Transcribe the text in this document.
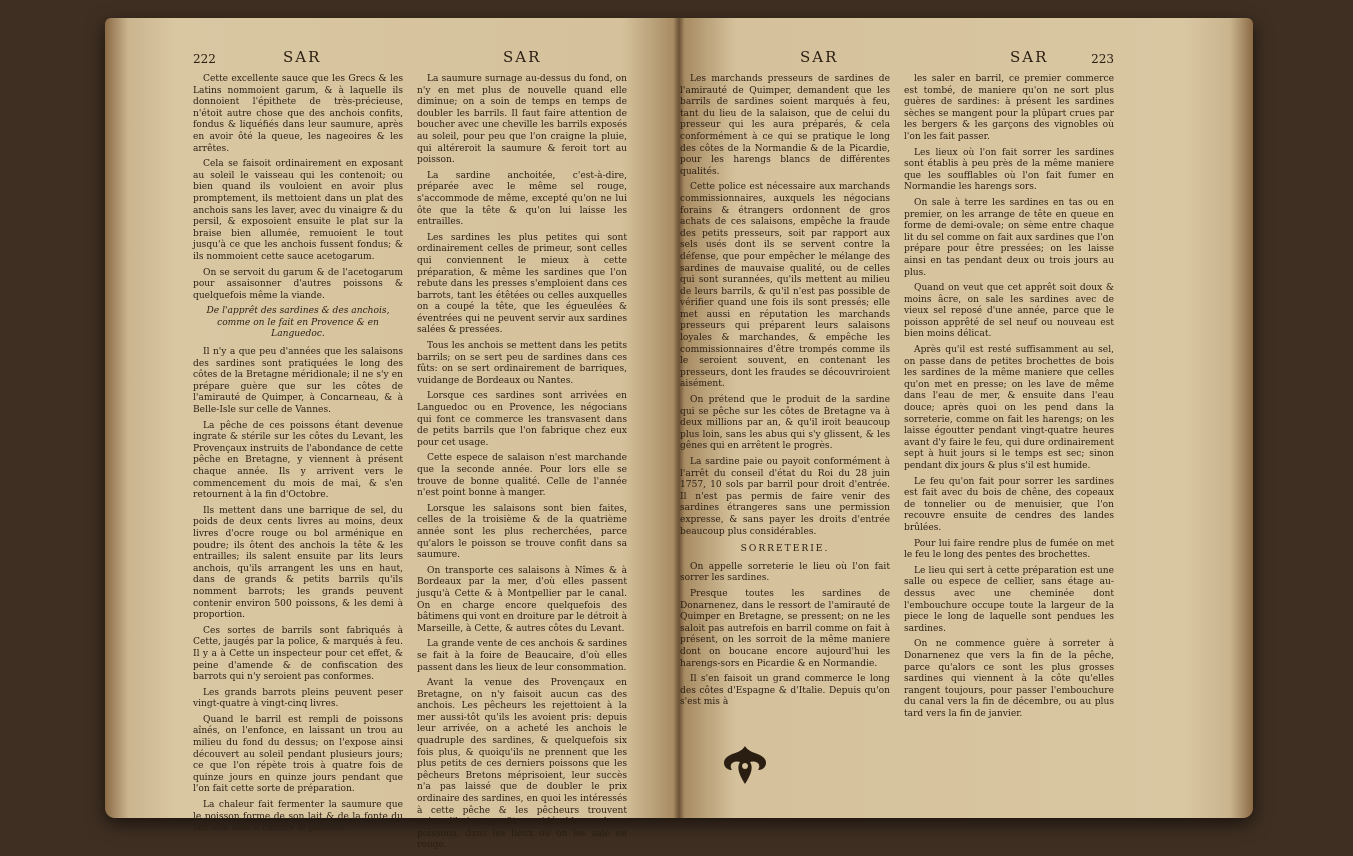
222	SAR	SAR

Cette excellente sauce que les Grecs & les Latins nommoient garum, & à laquelle ils donnoient l'épithete de très-précieuse, n'étoit autre chose que des anchois confits, fondus & liquéfiés dans leur saumure, après en avoir ôté la queue, les nageoires & les arrêtes.

Cela se faisoit ordinairement en exposant au soleil le vaisseau qui les contenoit; ou bien quand ils vouloient en avoir plus promptement, ils mettoient dans un plat des anchois sans les laver, avec du vinaigre & du persil, & exposoient ensuite le plat sur la braise bien allumée, remuoient le tout jusqu'à ce que les anchois fussent fondus; & ils nommoient cette sauce acetogarum.

On se servoit du garum & de l'acetogarum pour assaisonner d'autres poissons & quelquefois même la viande.

De l'apprêt des sardines & des anchois, comme on le fait en Provence & en Languedoc.

Il n'y a que peu d'années que les salaisons des sardines sont pratiquées le long des côtes de la Bretagne méridionale; il ne s'y en prépare guère que sur les côtes de l'amirauté de Quimper, à Concarneau, & à Belle-Isle sur celle de Vannes.

La pêche de ces poissons étant devenue ingrate & stérile sur les côtes du Levant, les Provençaux instruits de l'abondance de cette pêche en Bretagne, y viennent à présent chaque année. Ils y arrivent vers le commencement du mois de mai, & s'en retournent à la fin d'Octobre.

Ils mettent dans une barrique de sel, du poids de deux cents livres au moins, deux livres d'ocre rouge ou bol arménique en poudre; ils ôtent des anchois la tête & les entrailles; ils salent ensuite par lits leurs anchois, qu'ils arrangent les uns en haut, dans de grands & petits barrils qu'ils nomment barrots; les grands peuvent contenir environ 500 poissons, & les demi à proportion.

Ces sortes de barrils sont fabriqués à Cette, jaugés par la police, & marqués à feu. Il y a à Cette un inspecteur pour cet effet, & peine d'amende & de confiscation des barrots qui n'y seroient pas conformes.

Les grands barrots pleins peuvent peser vingt-quatre à vingt-cinq livres.

Quand le barril est rempli de poissons aînés, on l'enfonce, en laissant un trou au milieu du fond du dessus; on l'expose ainsi découvert au soleil pendant plusieurs jours; ce que l'on répète trois à quatre fois de quinze jours en quinze jours pendant que l'on fait cette sorte de préparation.

La chaleur fait fermenter la saumure que le poisson forme de son lait & de la fonte du sel; elle aide à confire le poisson.

La saumure surnage au-dessus du fond, on n'y en met plus de nouvelle quand elle diminue; on a soin de temps en temps de doubler les barrils. Il faut faire attention de boucher avec une cheville les barrils exposés au soleil, pour peu que l'on craigne la pluie, qui altéreroit la saumure & feroit tort au poisson.

La sardine anchoitée, c'est-à-dire, préparée avec le même sel rouge, s'accommode de même, excepté qu'on ne lui ôte que la tête & qu'on lui laisse les entrailles.

Les sardines les plus petites qui sont ordinairement celles de primeur, sont celles qui conviennent le mieux à cette préparation, & même les sardines que l'on rebute dans les presses s'emploient dans ces barrots, tant les étêtées ou celles auxquelles on a coupé la tête, que les égueulées & éventrées qui ne peuvent servir aux sardines salées & pressées.

Tous les anchois se mettent dans les petits barrils; on se sert peu de sardines dans ces fûts: on se sert ordinairement de barriques, vuidange de Bordeaux ou Nantes.

Lorsque ces sardines sont arrivées en Languedoc ou en Provence, les négocians qui font ce commerce les transvasent dans de petits barrils que l'on fabrique chez eux pour cet usage.

Cette espece de salaison n'est marchande que la seconde année. Pour lors elle se trouve de bonne qualité. Celle de l'année n'est point bonne à manger.

Lorsque les salaisons sont bien faites, celles de la troisième & de la quatrième année sont les plus recherchées, parce qu'alors le poisson se trouve confit dans sa saumure.

On transporte ces salaisons à Nîmes & à Bordeaux par la mer, d'où elles passent jusqu'à Cette & à Montpellier par le canal. On en charge encore quelquefois des bâtimens qui vont en droiture par le détroit à Marseille, à Cette, & autres côtes du Levant.

La grande vente de ces anchois & sardines se fait à la foire de Beaucaire, d'où elles passent dans les lieux de leur consommation.

Avant la venue des Provençaux en Bretagne, on n'y faisoit aucun cas des anchois. Les pêcheurs les rejettoient à la mer aussi-tôt qu'ils les avoient pris: depuis leur arrivée, on a acheté les anchois le quadruple des sardines, & quelquefois six fois plus, & quoiqu'ils ne prennent que les plus petits de ces derniers poissons que les pêcheurs Bretons méprisoient, leur succès n'a pas laissé que de doubler le prix ordinaire des sardines, en quoi les intéressés à cette pêche & les pêcheurs trouvent aujourd'hui un profit considérable sur leurs poissons, dans les lieux où on les sale en rouge.

SAR	SAR	223

Les marchands presseurs de sardines de l'amirauté de Quimper, demandent que les barrils de sardines soient marqués à feu, tant du lieu de la salaison, que de celui du presseur qui les aura préparés, & cela conformément à ce qui se pratique le long des côtes de la Normandie & de la Picardie, pour les harengs blancs de différentes qualités.

Cette police est nécessaire aux marchands commissionnaires, auxquels les négocians forains & étrangers ordonnent de gros achats de ces salaisons, empêche la fraude des petits presseurs, soit par rapport aux sels usés dont ils se servent contre la défense, que pour empêcher le mélange des sardines de mauvaise qualité, ou de celles qui sont surannées, qu'ils mettent au milieu de leurs barrils, & qu'il n'est pas possible de vérifier quand une fois ils sont pressés; elle met aussi en réputation les marchands presseurs qui préparent leurs salaisons loyales & marchandes, & empêche les commissionnaires d'être trompés comme ils le seroient souvent, en contenant les presseurs, dont les fraudes se découvriroient aisément.

On prétend que le produit de la sardine qui se pêche sur les côtes de Bretagne va à deux millions par an, & qu'il iroit beaucoup plus loin, sans les abus qui s'y glissent, & les gênes qui en arrêtent le progrès.

La sardine paie ou payoit conformément à l'arrêt du conseil d'état du Roi du 28 juin 1757, 10 sols par barril pour droit d'entrée. Il n'est pas permis de faire venir des sardines étrangeres sans une permission expresse, & sans payer les droits d'entrée beaucoup plus considérables.

SORRETERIE.

On appelle sorreterie le lieu où l'on fait sorrer les sardines.

Presque toutes les sardines de Donarnenez, dans le ressort de l'amirauté de Quimper en Bretagne, se pressent; on ne les saloit pas autrefois en barril comme on fait à présent, on les sorroit de la même maniere dont on boucane encore aujourd'hui les harengs-sors en Picardie & en Normandie.

Il s'en faisoit un grand commerce le long des côtes d'Espagne & d'Italie. Depuis qu'on s'est mis à

les saler en barril, ce premier commerce est tombé, de maniere qu'on ne sort plus guères de sardines: à présent les sardines sèches se mangent pour la plûpart crues par les bergers & les garçons des vignobles où l'on les fait passer.

Les lieux où l'on fait sorrer les sardines sont établis à peu près de la même maniere que les soufflables où l'on fait fumer en Normandie les harengs sors.

On sale à terre les sardines en tas ou en premier, on les arrange de tête en queue en forme de demi-ovale; on sème entre chaque lit du sel comme on fait aux sardines que l'on prépare pour être pressées; on les laisse ainsi en tas pendant deux ou trois jours au plus.

Quand on veut que cet apprêt soit doux & moins âcre, on sale les sardines avec de vieux sel reposé d'une année, parce que le poisson apprêté de sel neuf ou nouveau est bien moins délicat.

Après qu'il est resté suffisamment au sel, on passe dans de petites brochettes de bois les sardines de la même maniere que celles qu'on met en presse; on les lave de même dans l'eau de mer, & ensuite dans l'eau douce; après quoi on les pend dans la sorreterie, comme on fait les harengs; on les laisse égoutter pendant vingt-quatre heures avant d'y faire le feu, qui dure ordinairement sept à huit jours si le temps est sec; sinon pendant dix jours & plus s'il est humide.

Le feu qu'on fait pour sorrer les sardines est fait avec du bois de chêne, des copeaux de tonnelier ou de menuisier, que l'on recouvre ensuite de cendres des landes brûlées.

Pour lui faire rendre plus de fumée on met le feu le long des pentes des brochettes.

Le lieu qui sert à cette préparation est une salle ou espece de cellier, sans étage au-dessus avec une cheminée dont l'embouchure occupe toute la largeur de la piece le long de laquelle sont pendues les sardines.

On ne commence guère à sorreter à Donarnenez que vers la fin de la pêche, parce qu'alors ce sont les plus grosses sardines qui viennent à la côte qu'elles rangent toujours, pour passer l'embouchure du canal vers la fin de décembre, ou au plus tard vers la fin de janvier.
